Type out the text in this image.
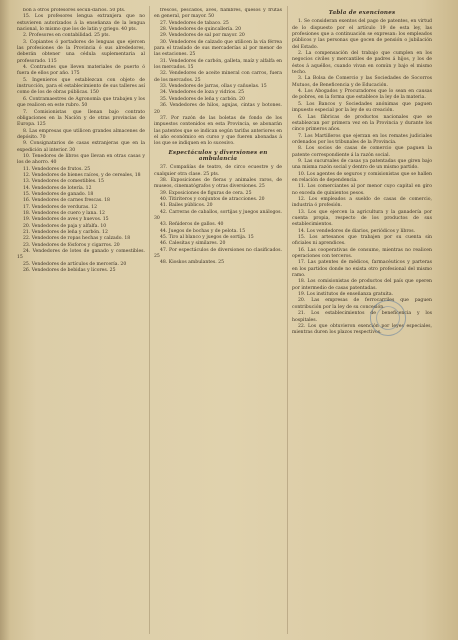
bon á otros profesores secun-darios. 50 pts.

15. Los profesores lengua extranjera que no estuvieren autorizados á la enseñanza de la lengua nacional, lo mismo que los de latin y griego. 40 pts.

2. Profesores en contabilidad. 25 pts.

3. Copiantes ó portadores de lenguas que ejercen las profesiones de la Provincia ó sus alrededores, deberán obtener una cédula suplementaria al profesorado. 115

4. Contrastes que lleven materiales de puerto ó fuera de ellos por año. 175

5. Ingenieros que establezcan con objeto de instrucción, para el establecimiento de sus talleres así como de los de obras públicas. 150

6. Contramaestres de Agronomía que trabajen y los que realicen en este rubro. 50

7. Comisionistas que llenan bajo contrato obligaciones en la Nación y de otras provincias de Europa. 125

8. Las empresas que utilicen grandes almacenes de depósito. 70

9. Consignatarios de casas extranjeras que en la expedición al interior. 30

10. Tenedores de libros que llevan en otras casas y los de ahorro. 40

11. Vendedores de frutos. 25

12. Vendedores de bienes raíces, y de cereales, 18

13. Vendedores de comestibles. 15

14. Vendedores de lotería. 12

15. Vendedores de ganado. 18

16. Vendedores de carnes frescas. 18

17. Vendedores de verduras. 12

18. Vendedores de cuero y lana. 12

19. Vendedores de aves y huevos. 15

20. Vendedores de paja y alfalfa. 10

21. Vendedores de leña y carbón. 12

22. Vendedores de ropas hechas y calzado. 18

23. Vendedores de fósforos y cigarros. 20

24. Vendedores de lotes de ganado y comestibles. 15

25. Vendedores de artículos de mercería. 20

26. Vendedores de bebidas y licores. 25

frescos, pescados, aves, fiambres, quesos y frutas en general, por mayor. 50

27. Vendedores de tabaco. 25

28. Vendedores de quincallería. 20

29. Vendedores de sal por mayor. 20

30. Vendedores de calzado que utilicen la vía férrea para el traslado de sus mercaderías al por menor de las estaciones. 25

31. Vendedores de carbón, galleta, maíz y alfalfa en los mercados. 15

32. Vendedores de aceite mineral con carros, fuera de los mercados. 25

33. Vendedores de jarras, ollas y cañuelas. 15

34. Vendedores de loza y vidrios. 25

35. Vendedores de leña y carbón. 20

36. Vendedores de hilos, agujas, cintas y botones. 20

37. Por razón de las boletas de fondo de los impuestos contenidos en esta Provincia, se abonarán las patentes que se indican según tarifas anteriores en el año económico en curso y que fueren abonadas á los que se indiquen en lo sucesivo.

Espectáculos y diversiones en ambulancia

37. Compañías de teatro, de circo ecuestre y de cualquier otra clase. 25 pts.

38. Exposiciones de fieras y animales raros, de museos, cinematógrafos y otras diversiones. 25

39. Exposiciones de figuras de cera. 25

40. Titiriteros y conjuntos de atracciones. 20

41. Bailes públicos. 20

42. Carreras de caballos, sortijas y juegos análogos. 30

43. Reñideros de gallos. 40

44. Juegos de bochas y de pelota. 15

45. Tiro al blanco y juegos de sortija. 15

46. Calesitas y similares. 20

47. Por espectáculos de diversiones no clasificados. 25

48. Kioskos ambulantes. 25

Tabla de exenciones

1. Se consideran exentos del pago de patentes, en virtud de lo dispuesto por el artículo 19 de esta ley, las profesiones que a continuación se expresan: los empleados públicos y las personas que gocen de pensión o jubilación del Estado.

2. La compensación del trabajo que cumplen en los negocios civiles y mercantiles de padres á hijos, y los de éstos á aquéllos, cuando vivan en común y bajo el mismo techo.

3. La Bolsa de Comercio y las Sociedades de Socorros Mutuos, de Beneficencia y de Educación.

4. Los Abogados y Procuradores que lo sean en causas de pobres, en la forma que establece la ley de la materia.

5. Los Bancos y Sociedades anónimas que paguen impuesto especial por la ley de su creación.

6. Las fábricas de productos nacionales que se establezcan por primera vez en la Provincia y durante los cinco primeros años.

7. Los Martilleros que ejerzan en los remates judiciales ordenados por los tribunales de la Provincia.

8. Los socios de casas de comercio que paguen la patente correspondiente á la razón social.

9. Las sucursales de casas ya patentadas que giren bajo una misma razón social y dentro de un mismo partido.

10. Los agentes de seguros y comisionistas que se hallen en relación de dependencia.

11. Los comerciantes al por menor cuyo capital en giro no exceda de quinientos pesos.

12. Los empleados a sueldo de casas de comercio, industria ó profesión.

13. Los que ejercen la agricultura y la ganadería por cuenta propia, respecto de los productos de sus establecimientos.

14. Los vendedores de diarios, periódicos y libros.

15. Los artesanos que trabajen por su cuenta sin oficiales ni aprendices.

16. Las cooperativas de consumo, mientras no realicen operaciones con terceros.

17. Las patentes de médicos, farmacéuticos y parteras en los partidos donde no exista otro profesional del mismo ramo.

18. Los comisionistas de productos del país que operen por intermedio de casas patentadas.

19. Los institutos de enseñanza gratuita.

20. Las empresas de ferrocarriles que paguen contribución por la ley de su concesión.

21. Los establecimientos de beneficencia y los hospitales.

22. Los que obtuvieron exención por leyes especiales, mientras duren los plazos respectivos.
